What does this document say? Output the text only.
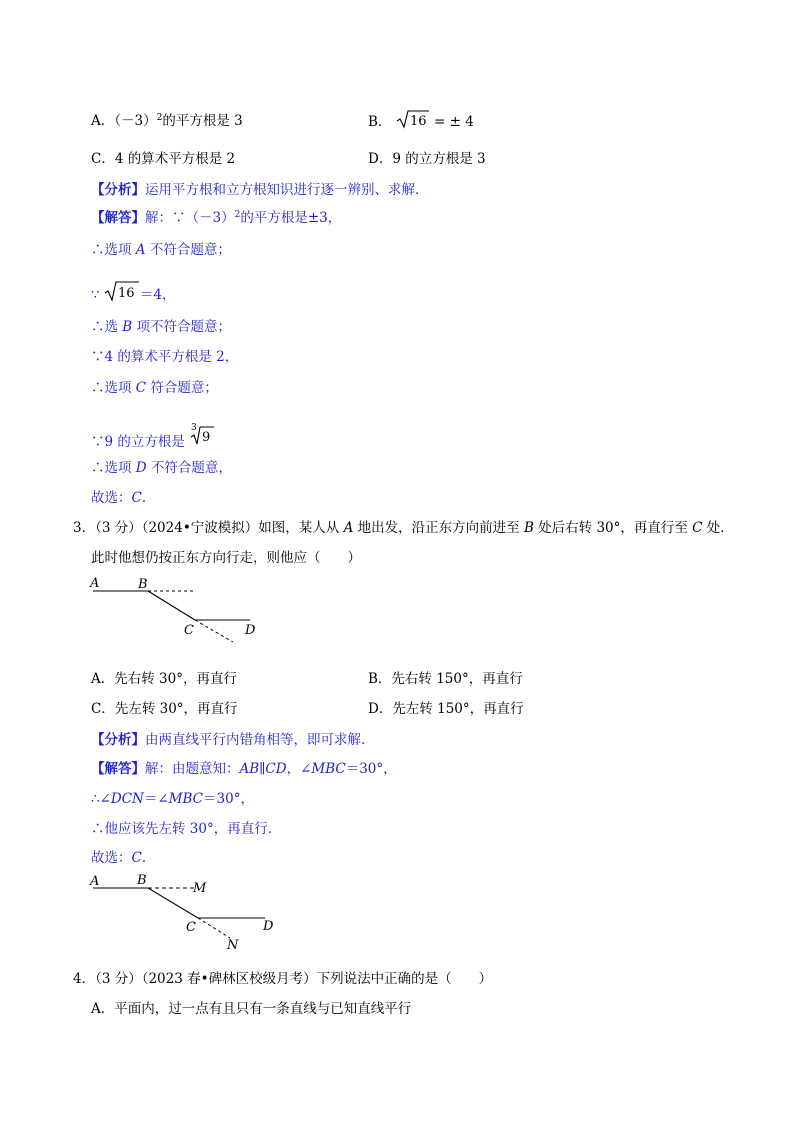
A．$(-3)^2$的平方根是 3	B． 16 = ± 4
C．4 的算术平方根是 2	D．9 的立方根是 3
【分析】运用平方根和立方根知识进行逐一辨别、求解．
【解答】解：$\because(-3)^2$的平方根是±3，
∴选项 A 不符合题意；
∵ 16 ＝4，
∴选 B 项不符合题意；
∵4 的算术平方根是 2，
∴选项 C 符合题意；
∵9 的立方根是
3
9
∴选项 D 不符合题意，
故选：C．
3．（3 分）（2024•宁波模拟）如图，某人从 A 地出发，沿正东方向前进至 B 处后右转 30°，再直行至 C 处．
此时他想仍按正东方向行走，则他应（　　）
A	B
C	D
A．先右转 30°，再直行	B．先右转 150°，再直行
C．先左转 30°，再直行	D．先左转 150°，再直行
【分析】由两直线平行内错角相等，即可求解．
【解答】解：由题意知：AB∥CD，∠MBC＝30°，
∴∠DCN＝∠MBC＝30°，
∴他应该先左转 30°，再直行．
故选：C．
A	B
M
C	D
N
4．（3 分）（2023 春•碑林区校级月考）下列说法中正确的是（　　）
A．平面内，过一点有且只有一条直线与已知直线平行
